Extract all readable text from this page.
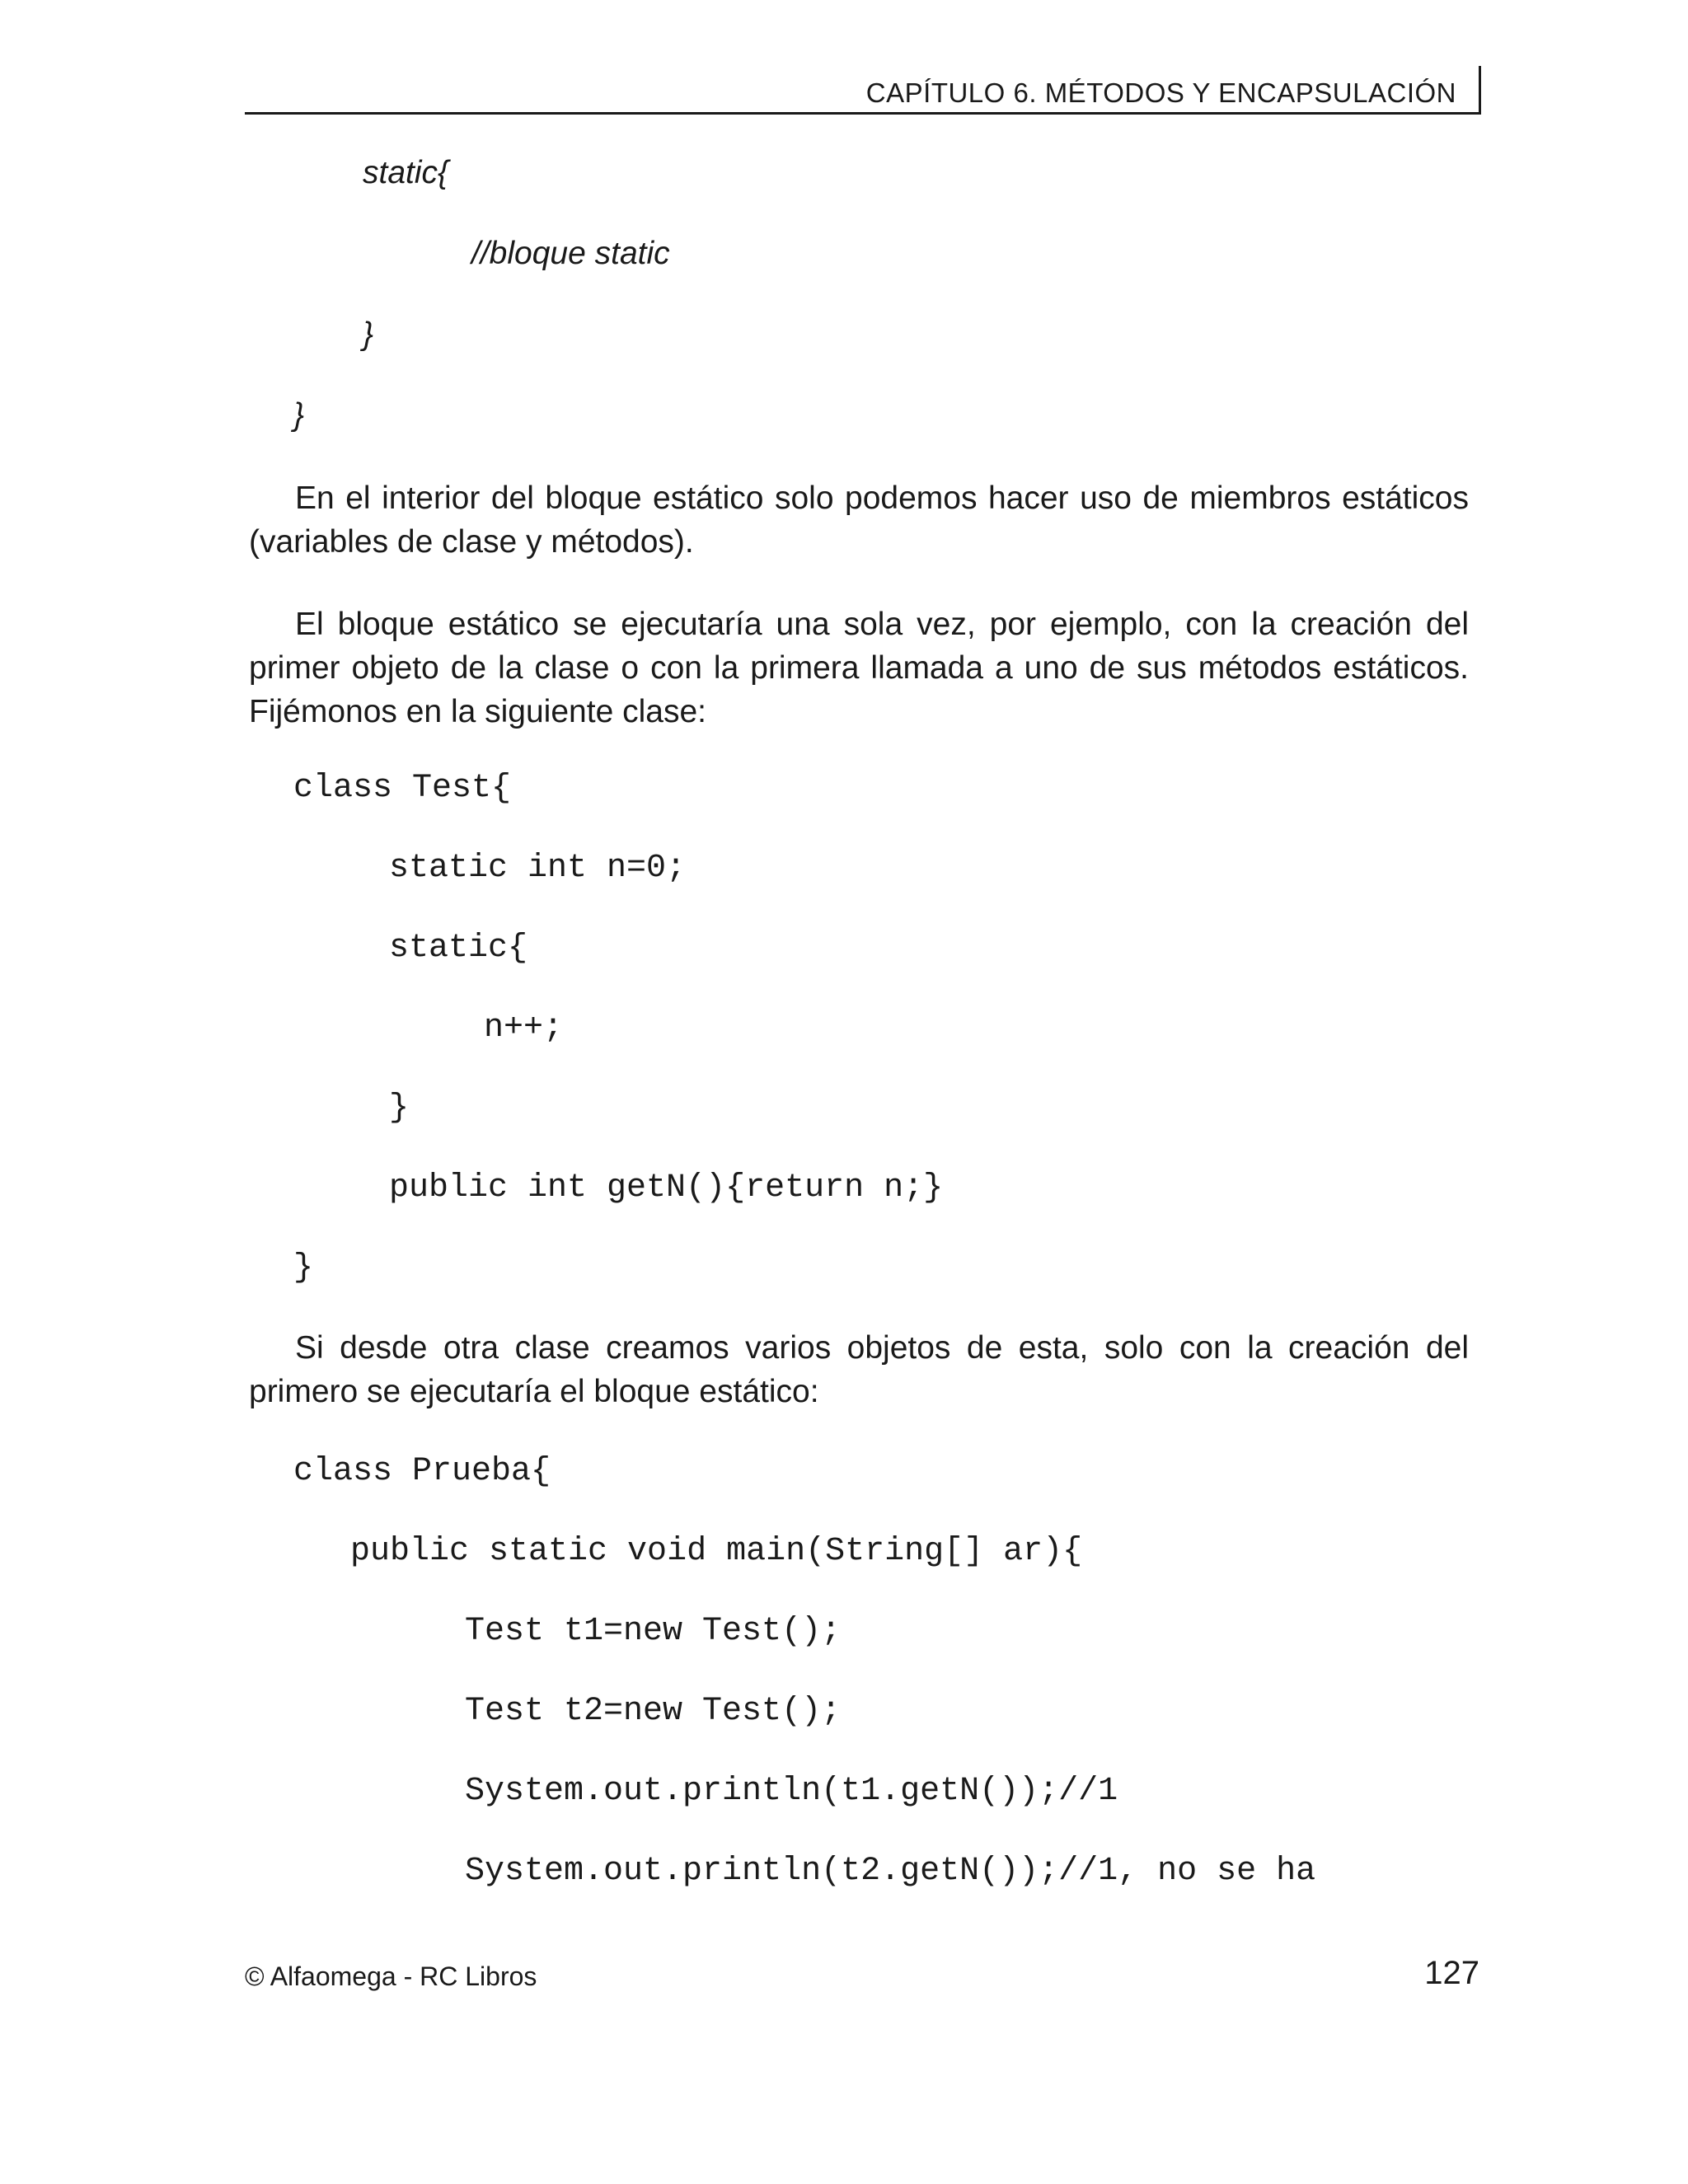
CAPÍTULO 6. MÉTODOS Y ENCAPSULACIÓN
static{
//bloque static
}
}
En el interior del bloque estático solo podemos hacer uso de miembros estáticos (variables de clase y métodos).
El bloque estático se ejecutaría una sola vez, por ejemplo, con la creación del primer objeto de la clase o con la primera llamada a uno de sus métodos estáticos. Fijémonos en la siguiente clase:
class Test{
static int n=0;
static{
n++;
}
public int getN(){return n;}
}
Si desde otra clase creamos varios objetos de esta, solo con la creación del primero se ejecutaría el bloque estático:
class Prueba{
public static void main(String[] ar){
Test t1=new Test();
Test t2=new Test();
System.out.println(t1.getN());//1
System.out.println(t2.getN());//1, no se ha
© Alfaomega - RC Libros	127
